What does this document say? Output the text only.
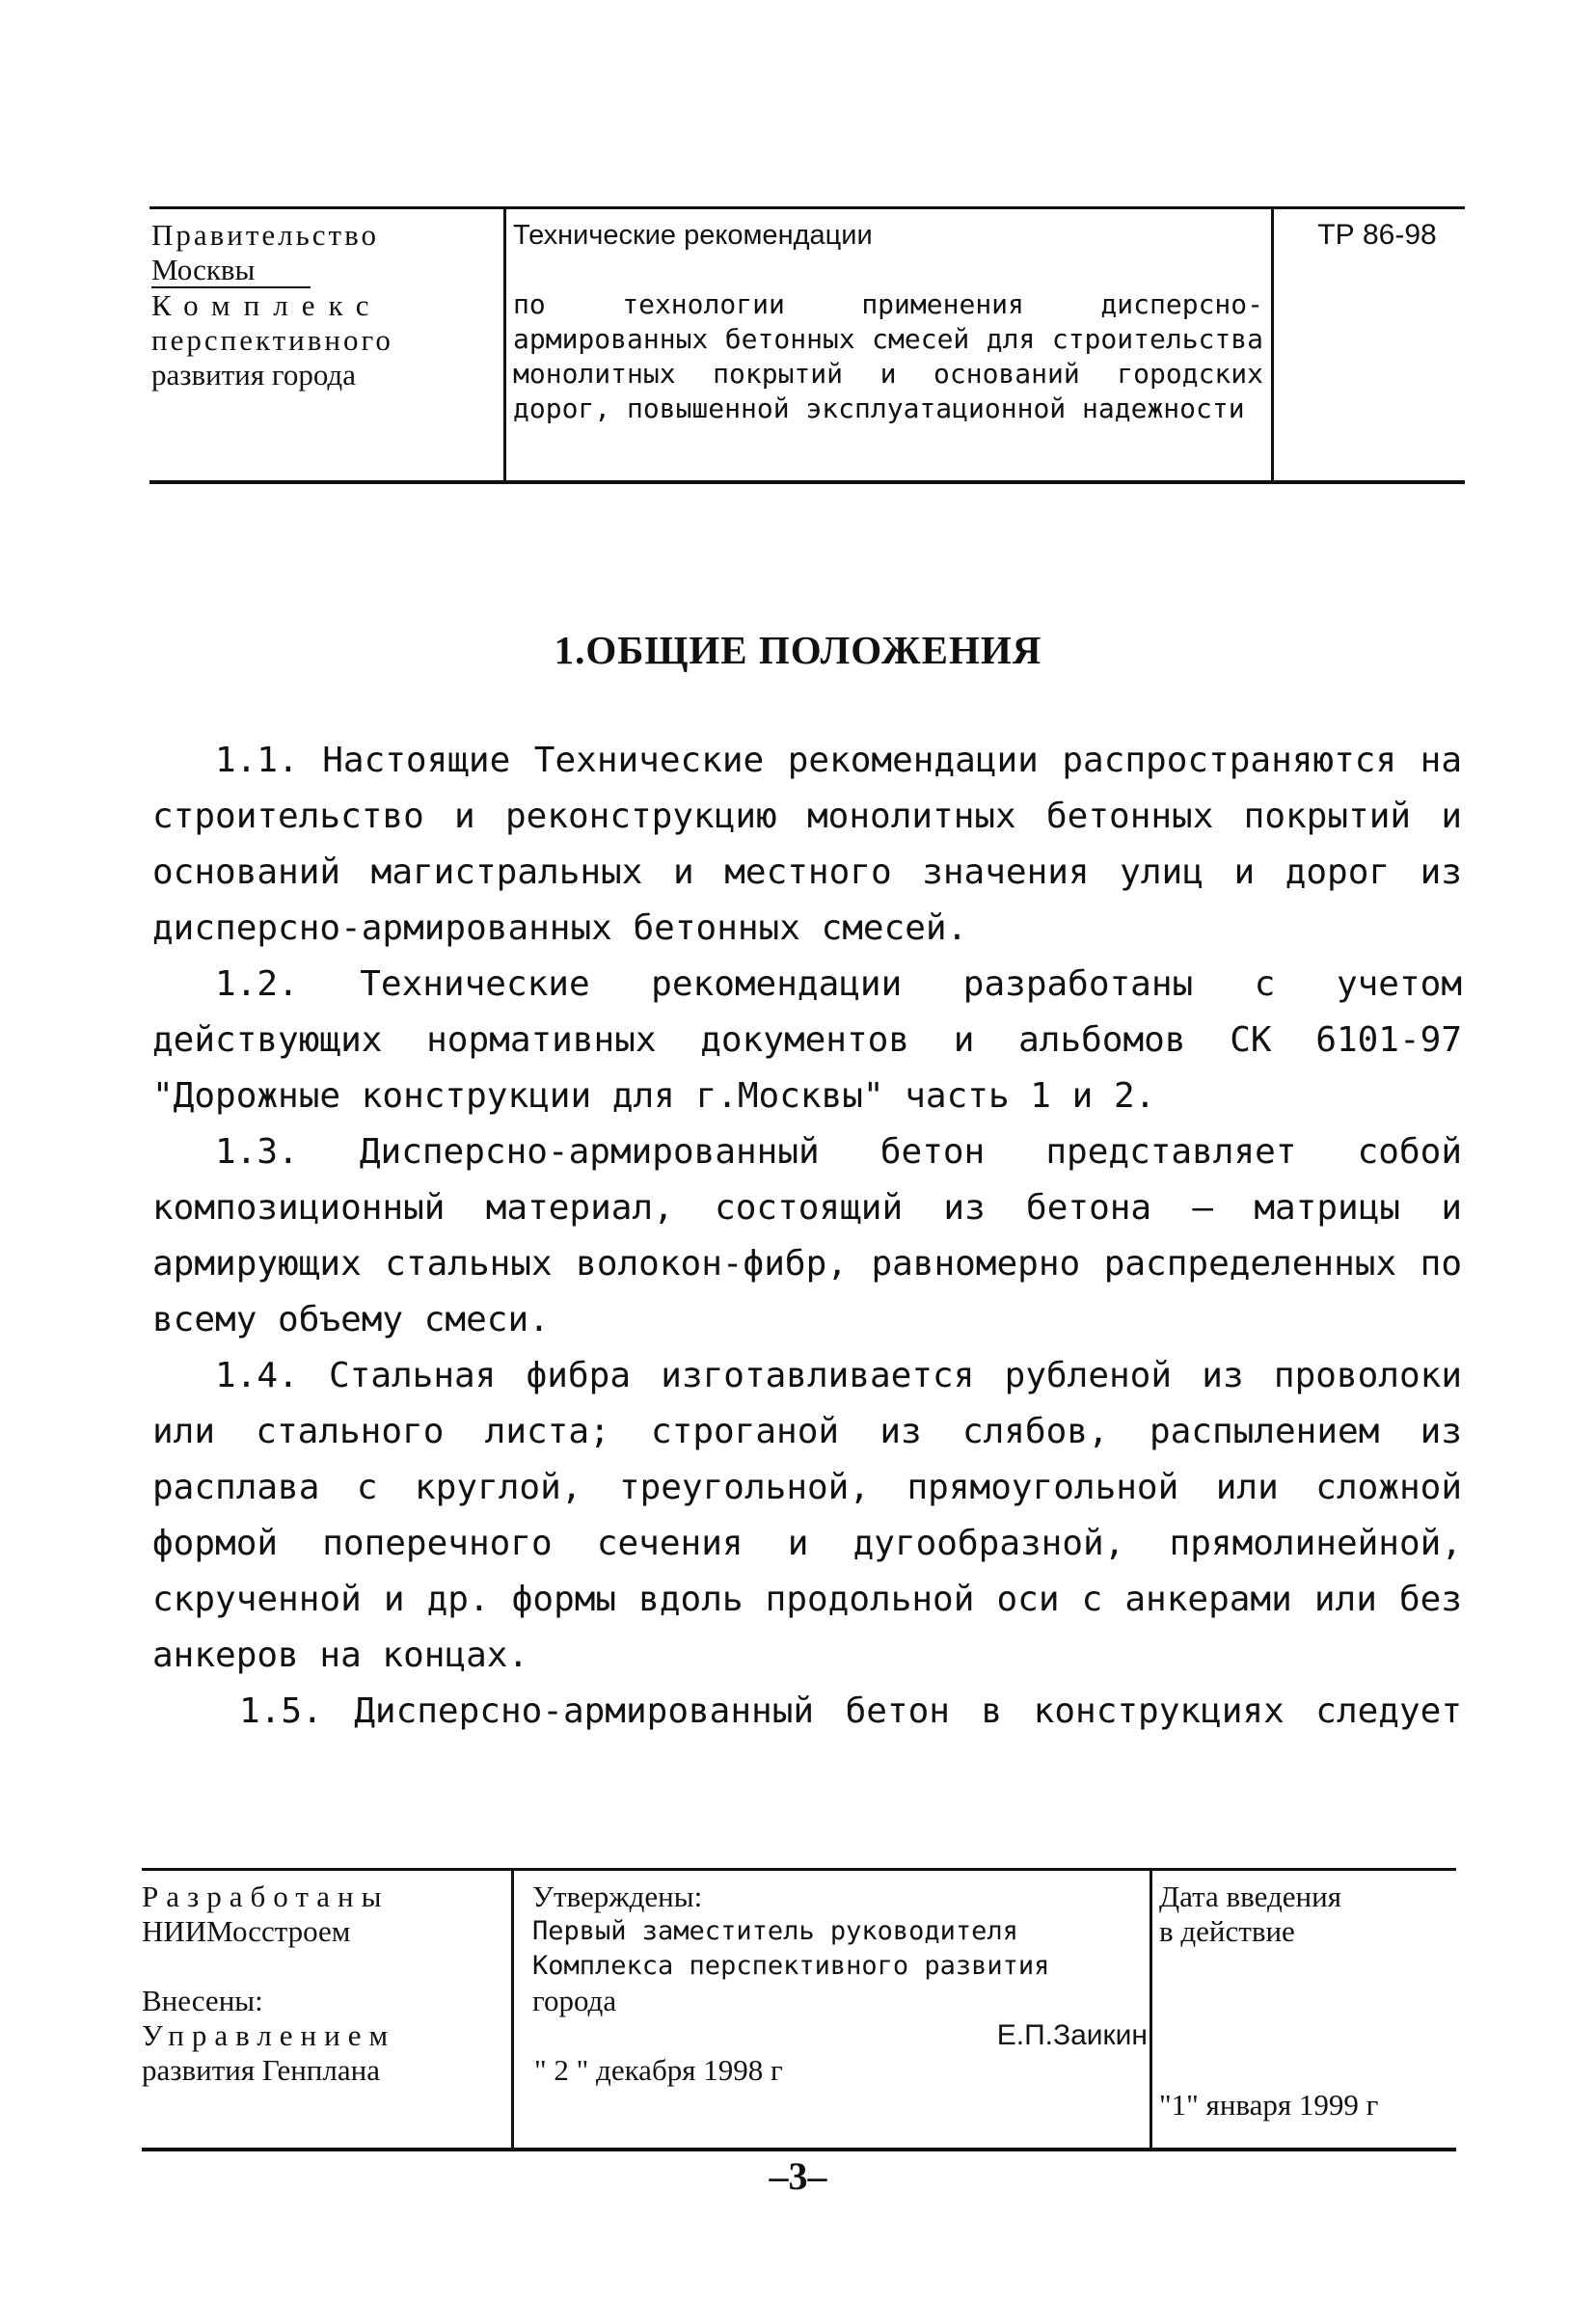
Правительство
Москвы
Комплекс
перспективного
развития города
Технические рекомендации
по технологии применения дисперсно-армированных бетонных смесей для строительства монолитных покрытий и оснований городских дорог, повышенной эксплуатационной надежности
ТР 86-98
1.ОБЩИЕ ПОЛОЖЕНИЯ

1.1. Настоящие Технические рекомендации распространяются на строительство и реконструкцию монолитных бетонных покрытий и оснований магистральных и местного значения улиц и дорог из дисперсно-армированных бетонных смесей.

1.2. Технические рекомендации разработаны с учетом действующих нормативных документов и альбомов СК 6101-97 "Дорожные конструкции для г.Москвы" часть 1 и 2.

1.3. Дисперсно-армированный бетон представляет собой композиционный материал, состоящий из бетона – матрицы и армирующих стальных волокон-фибр, равномерно распределенных по всему объему смеси.

1.4. Стальная фибра изготавливается рубленой из проволоки или стального листа; строганой из слябов, распылением из расплава с круглой, треугольной, прямоугольной или сложной формой поперечного сечения и дугообразной, прямолинейной, скрученной и др. формы вдоль продольной оси с анкерами или без анкеров на концах.

1.5. Дисперсно-армированный бетон в конструкциях следует

Разработаны
НИИМосстроем
Внесены:
Управлением
развития Генплана
Утверждены:
Первый заместитель руководителя
Комплекса перспективного развития
города
Е.П.Заикин
" 2 " декабря 1998 г
Дата введения
в действие
"1" января 1999 г
–3–
